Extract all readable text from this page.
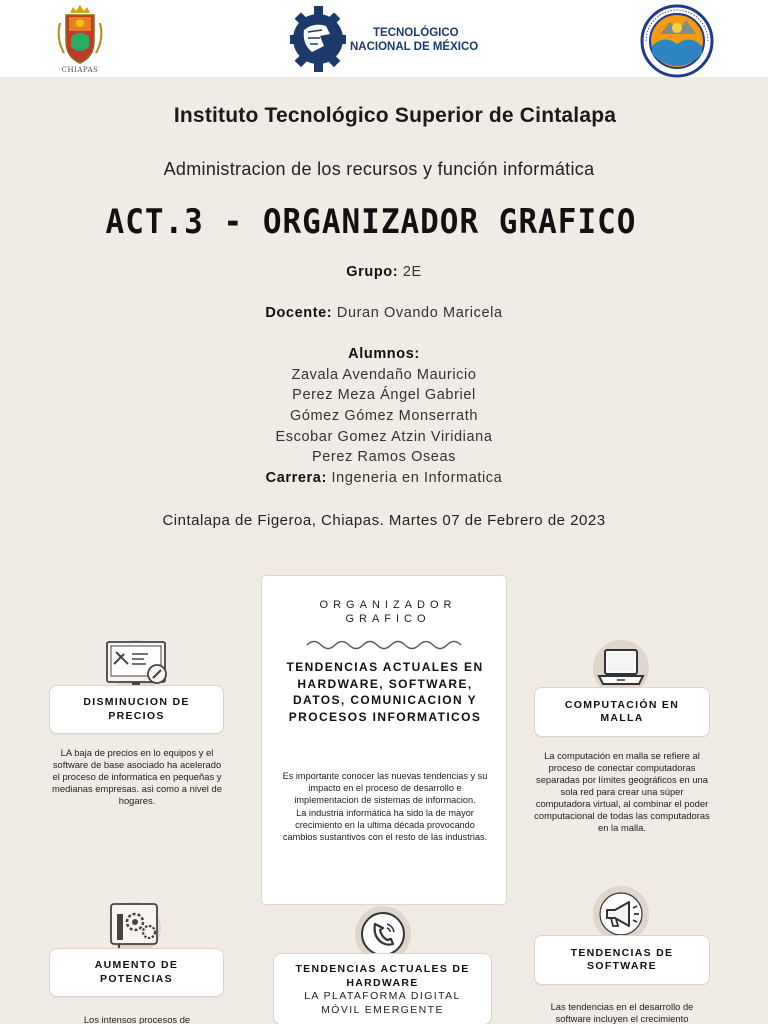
CHIAPAS
TECNOLÓGICO
NACIONAL DE MÉXICO
Instituto Tecnológico Superior de Cintalapa
Administracion de los recursos y función informática
ACT.3 - ORGANIZADOR GRAFICO
Grupo: 2E
Docente: Duran Ovando Maricela
Alumnos:
Zavala Avendaño Mauricio
Perez Meza Ángel Gabriel
Gómez Gómez Monserrath
Escobar Gomez Atzin Viridiana
Perez Ramos Oseas
Carrera: Ingeneria en Informatica
Cintalapa de Figeroa, Chiapas. Martes 07 de Febrero de 2023
ORGANIZADOR
GRAFICO
TENDENCIAS ACTUALES EN HARDWARE, SOFTWARE, DATOS, COMUNICACION Y PROCESOS INFORMATICOS
Es importante conocer las nuevas tendencias y su impacto en el proceso de desarrollo e implementacion de sistemas de informacion.
La industria informática ha sido la de mayor crecimiento en la ultima década provocando cambios sustantivos con el resto de las industrias.
DISMINUCION DE PRECIOS
LA baja de precios en lo equipos y el software de base asociado ha acelerado el proceso de informatica en pequeñas y medianas empresas. asi como a nivel de hogares.
COMPUTACIÓN EN MALLA
La computación en malla se refiere al proceso de conectar computadoras separadas por límites geográficos en una sola red para crear una súper computadora virtual, al combinar el poder computacional de todas las computadoras en la malla.
AUMENTO DE POTENCIAS
Los intensos procesos de
TENDENCIAS ACTUALES DE HARDWARE
LA PLATAFORMA DIGITAL MÓVIL EMERGENTE
TENDENCIAS DE SOFTWARE
Las tendencias en el desarrollo de software incluyen el crecimiento
